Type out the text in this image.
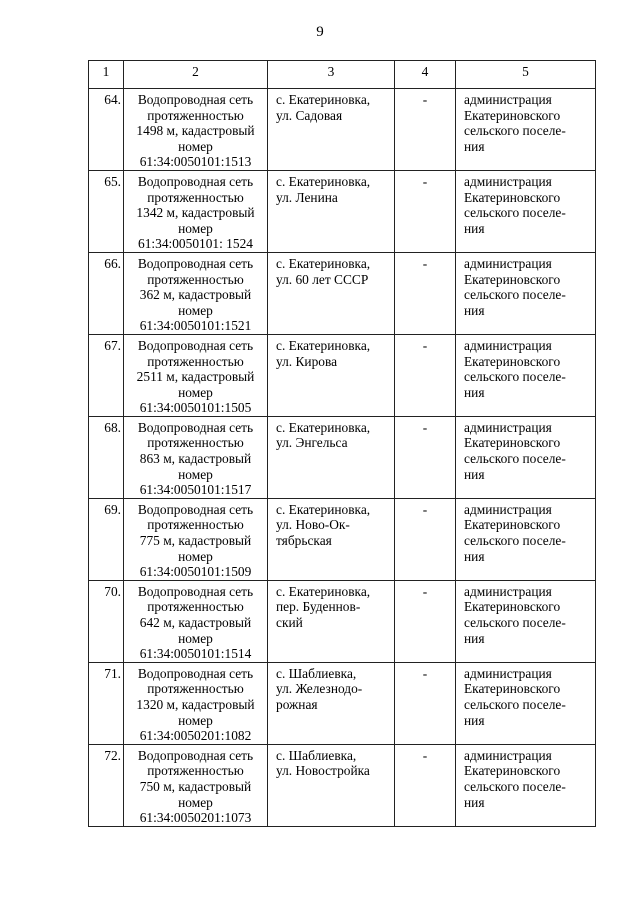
9
1	2	3	4	5

64.	Водопроводная сеть
протяженностью
1498 м, кадастровый
номер
61:34:0050101:1513	с. Екатериновка,
ул. Садовая	-	администрация
Екатериновского
сельского поселе-
ния

65.	Водопроводная сеть
протяженностью
1342 м, кадастровый
номер
61:34:0050101: 1524	с. Екатериновка,
ул. Ленина	-	администрация
Екатериновского
сельского поселе-
ния

66.	Водопроводная сеть
протяженностью
362 м, кадастровый
номер
61:34:0050101:1521	с. Екатериновка,
ул. 60 лет СССР	-	администрация
Екатериновского
сельского поселе-
ния

67.	Водопроводная сеть
протяженностью
2511 м, кадастровый
номер
61:34:0050101:1505	с. Екатериновка,
ул. Кирова	-	администрация
Екатериновского
сельского поселе-
ния

68.	Водопроводная сеть
протяженностью
863 м, кадастровый
номер
61:34:0050101:1517	с. Екатериновка,
ул. Энгельса	-	администрация
Екатериновского
сельского поселе-
ния

69.	Водопроводная сеть
протяженностью
775 м, кадастровый
номер
61:34:0050101:1509	с. Екатериновка,
ул. Ново-Ок-
тябрьская	-	администрация
Екатериновского
сельского поселе-
ния

70.	Водопроводная сеть
протяженностью
642 м, кадастровый
номер
61:34:0050101:1514	с. Екатериновка,
пер. Буденнов-
ский	-	администрация
Екатериновского
сельского поселе-
ния

71.	Водопроводная сеть
протяженностью
1320 м, кадастровый
номер
61:34:0050201:1082	с. Шаблиевка,
ул. Железнодо-
рожная	-	администрация
Екатериновского
сельского поселе-
ния

72.	Водопроводная сеть
протяженностью
750 м, кадастровый
номер
61:34:0050201:1073	с. Шаблиевка,
ул. Новостройка	-	администрация
Екатериновского
сельского поселе-
ния
